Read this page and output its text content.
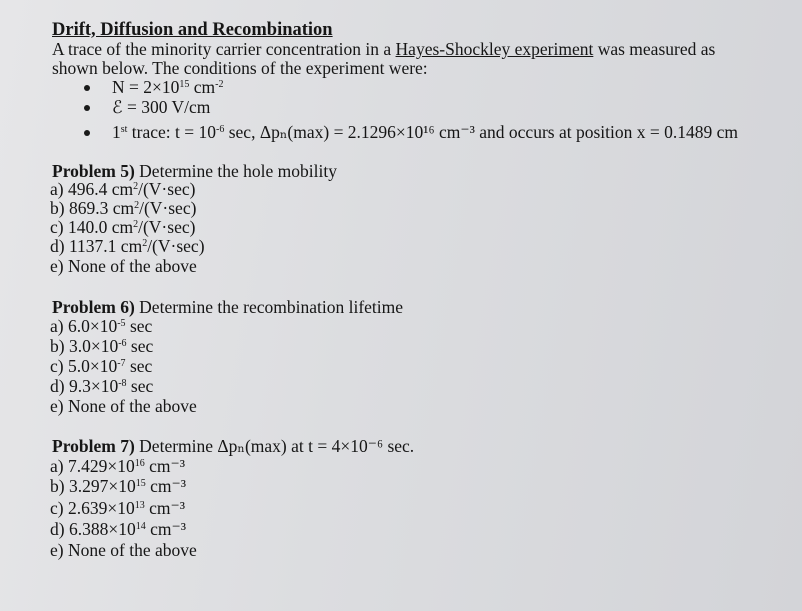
Drift, Diffusion and Recombination
A trace of the minority carrier concentration in a Hayes-Shockley experiment was measured as
shown below. The conditions of the experiment were:
$N = 2\times 10^{15}$ $cm^{-2}$
ℰ = 300 V/cm
1st trace: $t = 10^{-6}$ sec, Δpₙ(max) = 2.1296×10¹⁶ cm⁻³ and occurs at position x = 0.1489 cm
Problem 5) Determine the hole mobility
a) 496.4 $cm^2/(V\cdot\sec)$
b) 869.3 $cm^2/(V\cdot\sec)$
c) 140.0 $cm^2/(V\cdot\sec)$
d) 1137.1 $cm^2/(V\cdot\sec)$
e) None of the above
Problem 6) Determine the recombination lifetime
a) $6.0\times 10^{-5}$ sec
b) $3.0\times 10^{-6}$ sec
c) $5.0\times 10^{-7}$ sec
d) $9.3\times 10^{-8}$ sec
e) None of the above
Problem 7) Determine Δpₙ(max) at t = 4×10⁻⁶ sec.
a) $7.429\times 10^{16}$ cm⁻³
b) $3.297\times 10^{15}$ cm⁻³
c) $2.639\times 10^{13}$ cm⁻³
d) $6.388\times 10^{14}$ cm⁻³
e) None of the above
